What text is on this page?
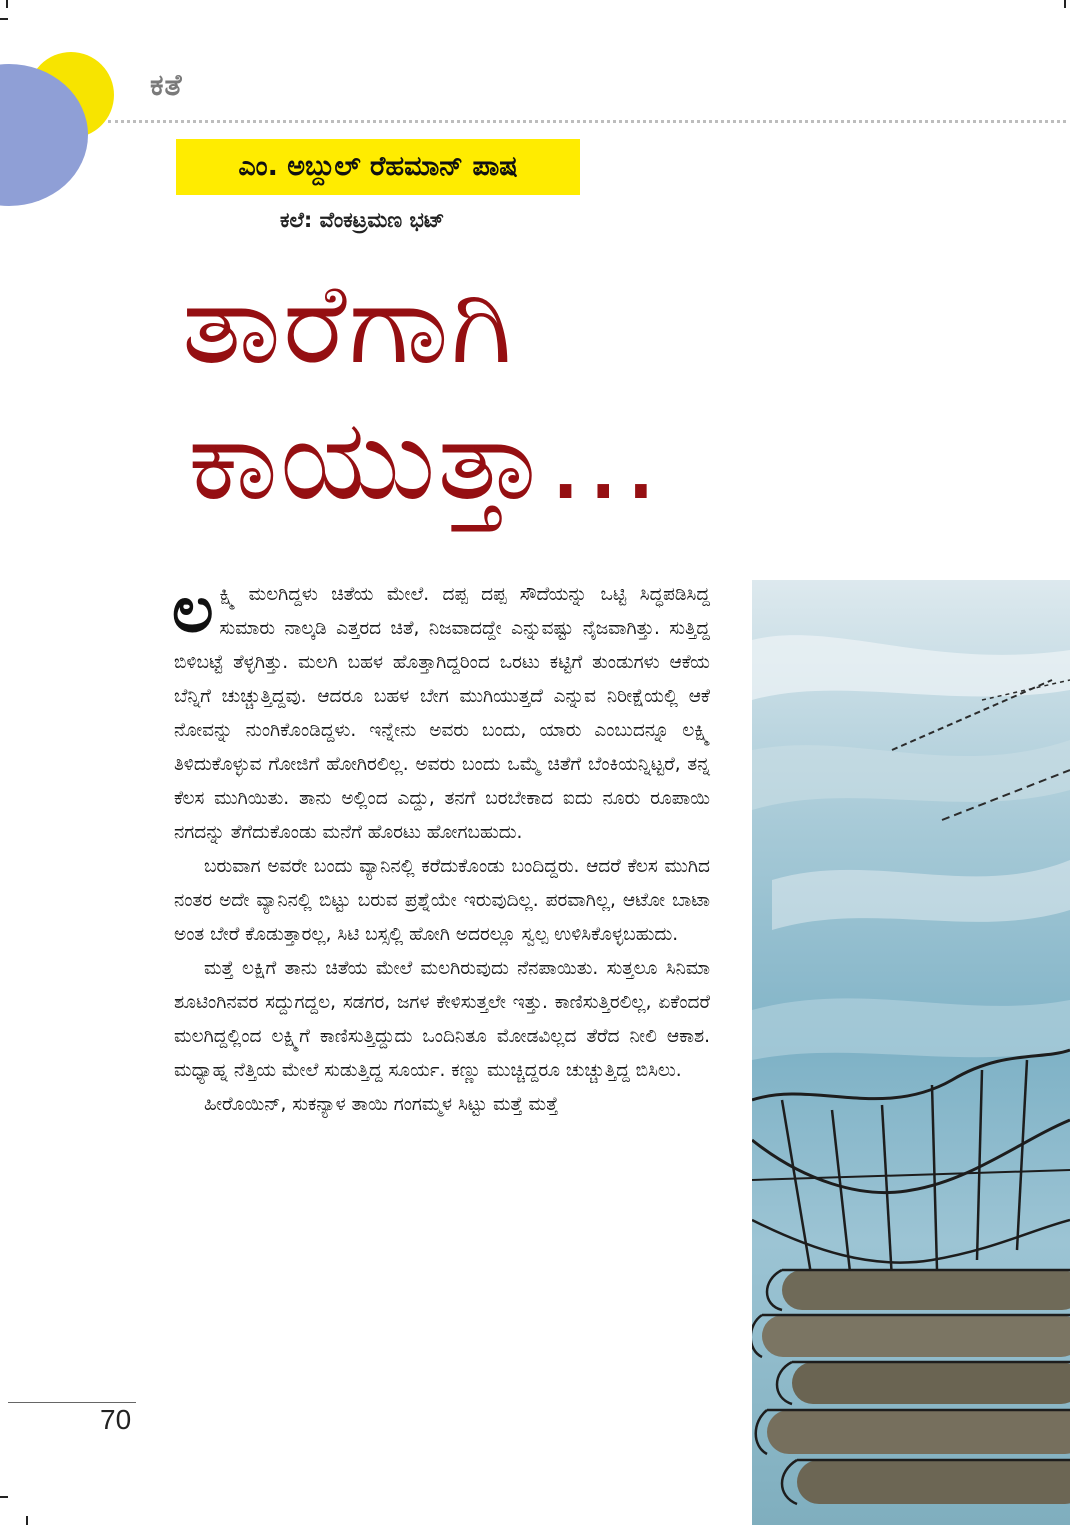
ಕತೆ
ಎಂ. ಅಬ್ದುಲ್ ರೆಹಮಾನ್ ಪಾಷ
ಕಲೆ: ವೆಂಕಟ್ರಮಣ ಭಟ್
ತಾರೆಗಾಗಿ
ಕಾಯುತ್ತಾ...

ಲಕ್ಷ್ಮಿ ಮಲಗಿದ್ದಳು ಚಿತೆಯ ಮೇಲೆ. ದಪ್ಪ ದಪ್ಪ ಸೌದೆಯನ್ನು ಒಟ್ಟಿ ಸಿದ್ಧಪಡಿಸಿದ್ದ ಸುಮಾರು ನಾಲ್ಕಡಿ ಎತ್ತರದ ಚಿತೆ, ನಿಜವಾದದ್ದೇ ಎನ್ನುವಷ್ಟು ನೈಜವಾಗಿತ್ತು. ಸುತ್ತಿದ್ದ ಬಿಳಿಬಟ್ಟೆ ತೆಳ್ಳಗಿತ್ತು. ಮಲಗಿ ಬಹಳ ಹೊತ್ತಾಗಿದ್ದರಿಂದ ಒರಟು ಕಟ್ಟಿಗೆ ತುಂಡುಗಳು ಆಕೆಯ ಬೆನ್ನಿಗೆ ಚುಚ್ಚುತ್ತಿದ್ದವು. ಆದರೂ ಬಹಳ ಬೇಗ ಮುಗಿಯುತ್ತದೆ ಎನ್ನುವ ನಿರೀಕ್ಷೆಯಲ್ಲಿ ಆಕೆ ನೋವನ್ನು ನುಂಗಿಕೊಂಡಿದ್ದಳು. ಇನ್ನೇನು ಅವರು ಬಂದು, ಯಾರು ಎಂಬುದನ್ನೂ ಲಕ್ಷ್ಮಿ ತಿಳಿದುಕೊಳ್ಳುವ ಗೋಜಿಗೆ ಹೋಗಿರಲಿಲ್ಲ. ಅವರು ಬಂದು ಒಮ್ಮೆ ಚಿತೆಗೆ ಬೆಂಕಿಯನ್ನಿಟ್ಟರೆ, ತನ್ನ ಕೆಲಸ ಮುಗಿಯಿತು. ತಾನು ಅಲ್ಲಿಂದ ಎದ್ದು, ತನಗೆ ಬರಬೇಕಾದ ಐದು ನೂರು ರೂಪಾಯಿ ನಗದನ್ನು ತೆಗೆದುಕೊಂಡು ಮನೆಗೆ ಹೊರಟು ಹೋಗಬಹುದು.

ಬರುವಾಗ ಅವರೇ ಬಂದು ವ್ಯಾನಿನಲ್ಲಿ ಕರೆದುಕೊಂಡು ಬಂದಿದ್ದರು. ಆದರೆ ಕೆಲಸ ಮುಗಿದ ನಂತರ ಅದೇ ವ್ಯಾನಿನಲ್ಲಿ ಬಿಟ್ಟು ಬರುವ ಪ್ರಶ್ನೆಯೇ ಇರುವುದಿಲ್ಲ. ಪರವಾಗಿಲ್ಲ, ಆಟೋ ಬಾಟಾ ಅಂತ ಬೇರೆ ಕೊಡುತ್ತಾರಲ್ಲ, ಸಿಟಿ ಬಸ್ಸಲ್ಲಿ ಹೋಗಿ ಅದರಲ್ಲೂ ಸ್ವಲ್ಪ ಉಳಿಸಿಕೊಳ್ಳಬಹುದು.

ಮತ್ತೆ ಲಕ್ಷಿಗೆ ತಾನು ಚಿತೆಯ ಮೇಲೆ ಮಲಗಿರುವುದು ನೆನಪಾಯಿತು. ಸುತ್ತಲೂ ಸಿನಿಮಾ ಶೂಟಿಂಗಿನವರ ಸದ್ದುಗದ್ದಲ, ಸಡಗರ, ಜಗಳ ಕೇಳಿಸುತ್ತಲೇ ಇತ್ತು. ಕಾಣಿಸುತ್ತಿರಲಿಲ್ಲ, ಏಕೆಂದರೆ ಮಲಗಿದ್ದಲ್ಲಿಂದ ಲಕ್ಷ್ಮಿಗೆ ಕಾಣಿಸುತ್ತಿದ್ದುದು ಒಂದಿನಿತೂ ಮೋಡವಿಲ್ಲದ ತೆರೆದ ನೀಲಿ ಆಕಾಶ. ಮಧ್ಯಾಹ್ನ ನೆತ್ತಿಯ ಮೇಲೆ ಸುಡುತ್ತಿದ್ದ ಸೂರ್ಯ. ಕಣ್ಣು ಮುಚ್ಚಿದ್ದರೂ ಚುಚ್ಚುತ್ತಿದ್ದ ಬಿಸಿಲು.

ಹೀರೊಯಿನ್, ಸುಕನ್ಯಾಳ ತಾಯಿ ಗಂಗಮ್ಮಳ ಸಿಟ್ಟು ಮತ್ತೆ ಮತ್ತೆ

70
